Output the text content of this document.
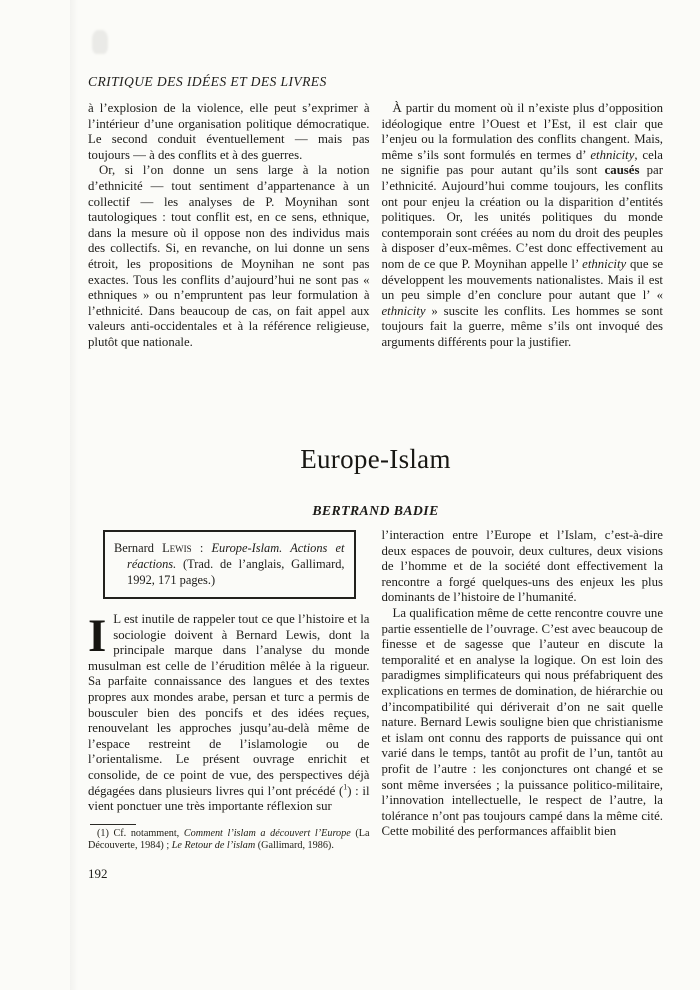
CRITIQUE DES IDÉES ET DES LIVRES

à l’explosion de la violence, elle peut s’exprimer à l’intérieur d’une organisation politique démocratique. Le second conduit éventuellement — mais pas toujours — à des conflits et à des guerres.

Or, si l’on donne un sens large à la notion d’ethnicité — tout sentiment d’appartenance à un collectif — les analyses de P. Moynihan sont tautologiques : tout conflit est, en ce sens, ethnique, dans la mesure où il oppose non des individus mais des collectifs. Si, en revanche, on lui donne un sens étroit, les propositions de Moynihan ne sont pas exactes. Tous les conflits d’aujourd’hui ne sont pas « ethniques » ou n’empruntent pas leur formulation à l’ethnicité. Dans beaucoup de cas, on fait appel aux valeurs anti-occidentales et à la référence religieuse, plutôt que nationale.

À partir du moment où il n’existe plus d’opposition idéologique entre l’Ouest et l’Est, il est clair que l’enjeu ou la formulation des conflits changent. Mais, même s’ils sont formulés en termes d’ ethnicity, cela ne signifie pas pour autant qu’ils sont causés par l’ethnicité. Aujourd’hui comme toujours, les conflits ont pour enjeu la création ou la disparition d’entités politiques. Or, les unités politiques du monde contemporain sont créées au nom du droit des peuples à disposer d’eux-mêmes. C’est donc effectivement au nom de ce que P. Moynihan appelle l’ ethnicity que se développent les mouvements nationalistes. Mais il est un peu simple d’en conclure pour autant que l’ « ethnicity » suscite les conflits. Les hommes se sont toujours fait la guerre, même s’ils ont invoqué des arguments différents pour la justifier.

Europe-Islam
BERTRAND BADIE

Bernard Lewis : Europe-Islam. Actions et réactions. (Trad. de l’anglais, Gallimard, 1992, 171 pages.)

I L est inutile de rappeler tout ce que l’histoire et la sociologie doivent à Bernard Lewis, dont la principale marque dans l’analyse du monde musulman est celle de l’érudition mêlée à la rigueur. Sa parfaite connaissance des langues et des textes propres aux mondes arabe, persan et turc a permis de bousculer bien des poncifs et des idées reçues, renouvelant les approches jusqu’au-delà même de l’espace restreint de l’islamologie ou de l’orientalisme. Le présent ouvrage enrichit et consolide, de ce point de vue, des perspectives déjà dégagées dans plusieurs livres qui l’ont précédé ($^1$) : il vient ponctuer une très importante réflexion sur

(1) Cf. notamment, Comment l’islam a découvert l’Europe (La Découverte, 1984) ; Le Retour de l’islam (Gallimard, 1986).

192

l’interaction entre l’Europe et l’Islam, c’est-à-dire deux espaces de pouvoir, deux cultures, deux visions de l’homme et de la société dont effectivement la rencontre a forgé quelques-uns des enjeux les plus dominants de l’histoire de l’humanité.

La qualification même de cette rencontre couvre une partie essentielle de l’ouvrage. C’est avec beaucoup de finesse et de sagesse que l’auteur en discute la temporalité et en analyse la logique. On est loin des paradigmes simplificateurs qui nous préfabriquent des explications en termes de domination, de hiérarchie ou d’incompatibilité qui dériverait d’on ne sait quelle nature. Bernard Lewis souligne bien que christianisme et islam ont connu des rapports de puissance qui ont varié dans le temps, tantôt au profit de l’un, tantôt au profit de l’autre : les conjonctures ont changé et se sont même inversées ; la puissance politico-militaire, l’innovation intellectuelle, le respect de l’autre, la tolérance n’ont pas toujours campé dans la même cité. Cette mobilité des performances affaiblit bien
